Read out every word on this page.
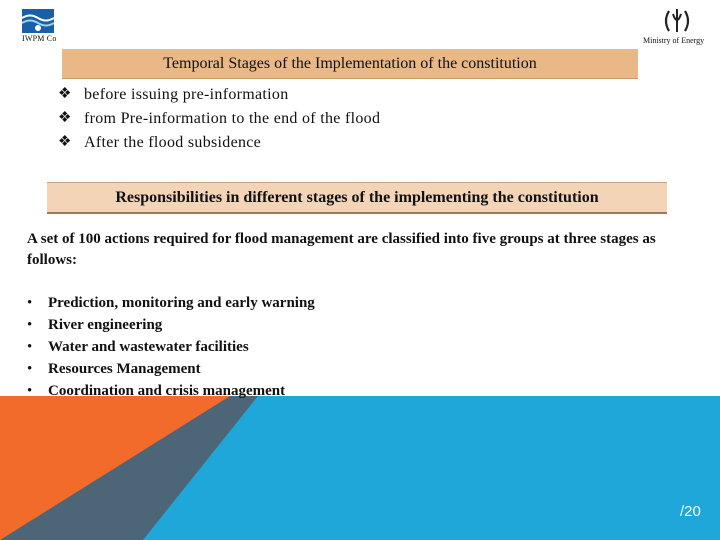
IWPM Co	Ministry of Energy
Temporal Stages of the Implementation of the constitution
❖ before issuing pre-information
❖ from Pre-information to the end of the flood
❖ After the flood subsidence
Responsibilities in different stages of the implementing the constitution
A set of 100 actions required for flood management are classified into five groups at three stages as follows:
•	Prediction, monitoring and early warning
•	River engineering
•	Water and wastewater facilities
•	Resources Management
•	Coordination and crisis management
/20
